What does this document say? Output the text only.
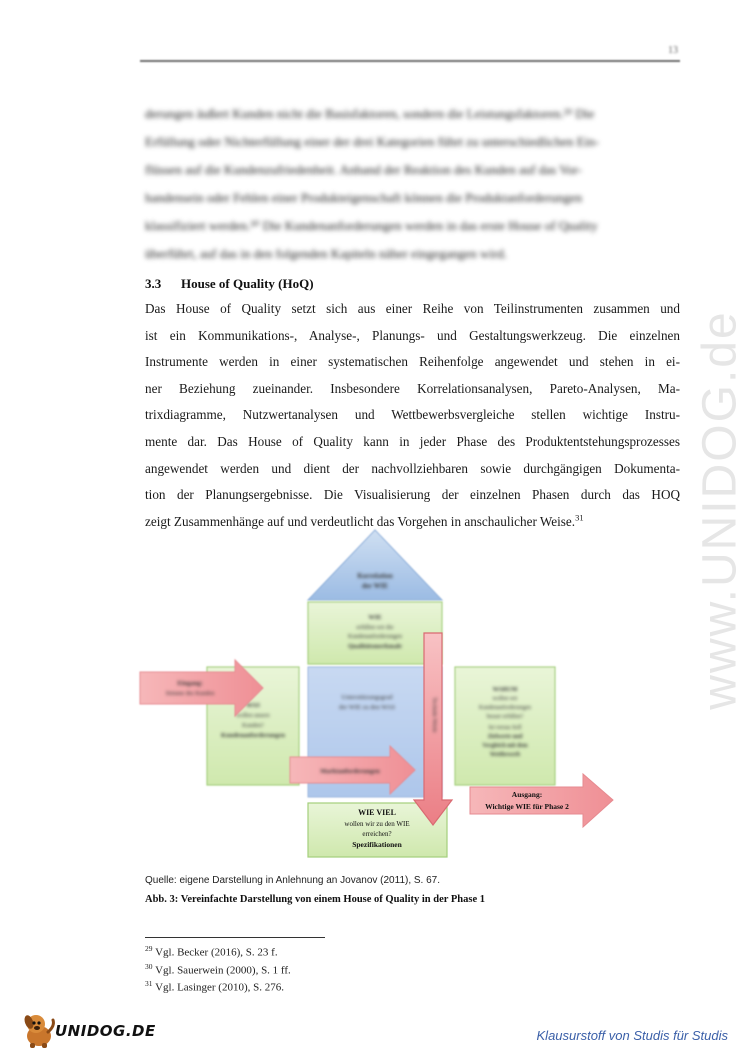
13
derungen äußert Kunden nicht die Basisfaktoren, sondern die Leistungsfaktoren.²⁹ Die
Erfüllung oder Nichterfüllung einer der drei Kategorien führt zu unterschiedlichen Ein-
flüssen auf die Kundenzufriedenheit. Anhand der Reaktion des Kunden auf das Vor-
handensein oder Fehlen einer Produkteigenschaft können die Produktanforderungen
klassifiziert werden.³⁰ Die Kundenanforderungen werden in das erste House of Quality
überführt, auf das in den folgenden Kapiteln näher eingegangen wird.
3.3 House of Quality (HoQ)
Das House of Quality setzt sich aus einer Reihe von Teilinstrumenten zusammen und
ist ein Kommunikations-, Analyse-, Planungs- und Gestaltungswerkzeug. Die einzelnen
Instrumente werden in einer systematischen Reihenfolge angewendet und stehen in ei-
ner Beziehung zueinander. Insbesondere Korrelationsanalysen, Pareto-Analysen, Ma-
trixdiagramme, Nutzwertanalysen und Wettbewerbsvergleiche stellen wichtige Instru-
mente dar. Das House of Quality kann in jeder Phase des Produktentstehungsprozesses
angewendet werden und dient der nachvollziehbaren sowie durchgängigen Dokumenta-
tion der Planungsergebnisse. Die Visualisierung der einzelnen Phasen durch das HOQ
zeigt Zusammenhänge auf und verdeutlicht das Vorgehen in anschaulicher Weise.$^{31}$
Korrelation
der WIE
WIE
erfüllen wir die
Kundenanforderungen
Qualitätsmerkmale
WAS
wollen unsere
Kunden?
Kundenanforderungen
Unterstützungsgrad
der WIE zu den WAS
WARUM
wollen wir
Kundenanforderungen
besser erfüllen?
Ist versus Soll
Zielwerte und
Vergleich mit dem
Wettbewerb
Eingang:
Stimme des Kunden
Marktanforderungen
WIE VIEL
wollen wir zu den WIE
erreichen?
Spezifikationen
Technik-Werte
Ausgang:
Wichtige WIE für Phase 2
Quelle: eigene Darstellung in Anlehnung an Jovanov (2011), S. 67.
Abb. 3: Vereinfachte Darstellung von einem House of Quality in der Phase 1
$^{29}$ Vgl. Becker (2016), S. 23 f.
$^{30}$ Vgl. Sauerwein (2000), S. 1 ff.
$^{31}$ Vgl. Lasinger (2010), S. 276.
www.UNIDOG.de
UNIDOG.DE	Klausurstoff von Studis für Studis
